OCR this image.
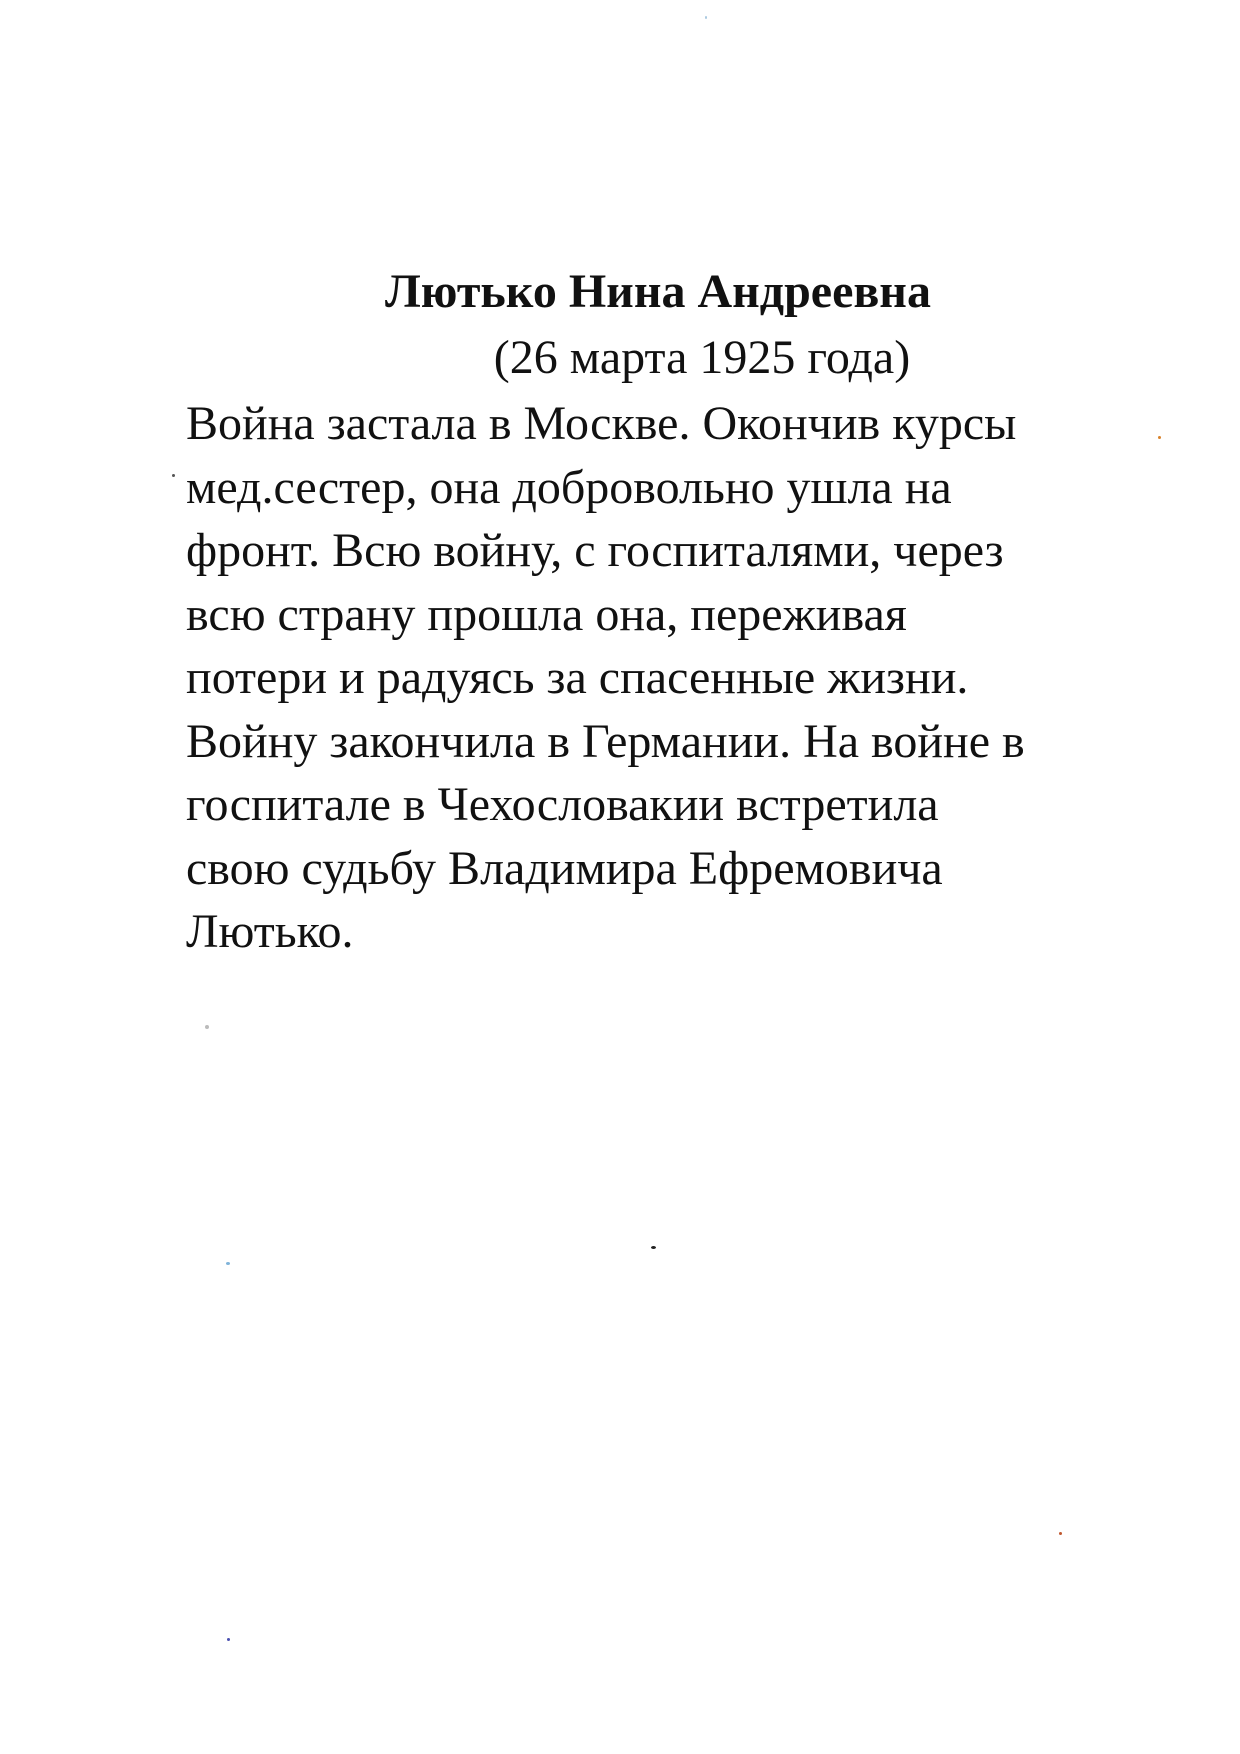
Лютько Нина Андреевна

(26 марта 1925 года)

Война застала в Москве. Окончив курсы
мед.сестер, она добровольно ушла на
фронт. Всю войну, с госпиталями, через
всю страну прошла она, переживая
потери и радуясь за спасенные жизни.
Войну закончила в Германии. На войне в
госпитале в Чехословакии встретила
свою судьбу Владимира Ефремовича
Лютько.
